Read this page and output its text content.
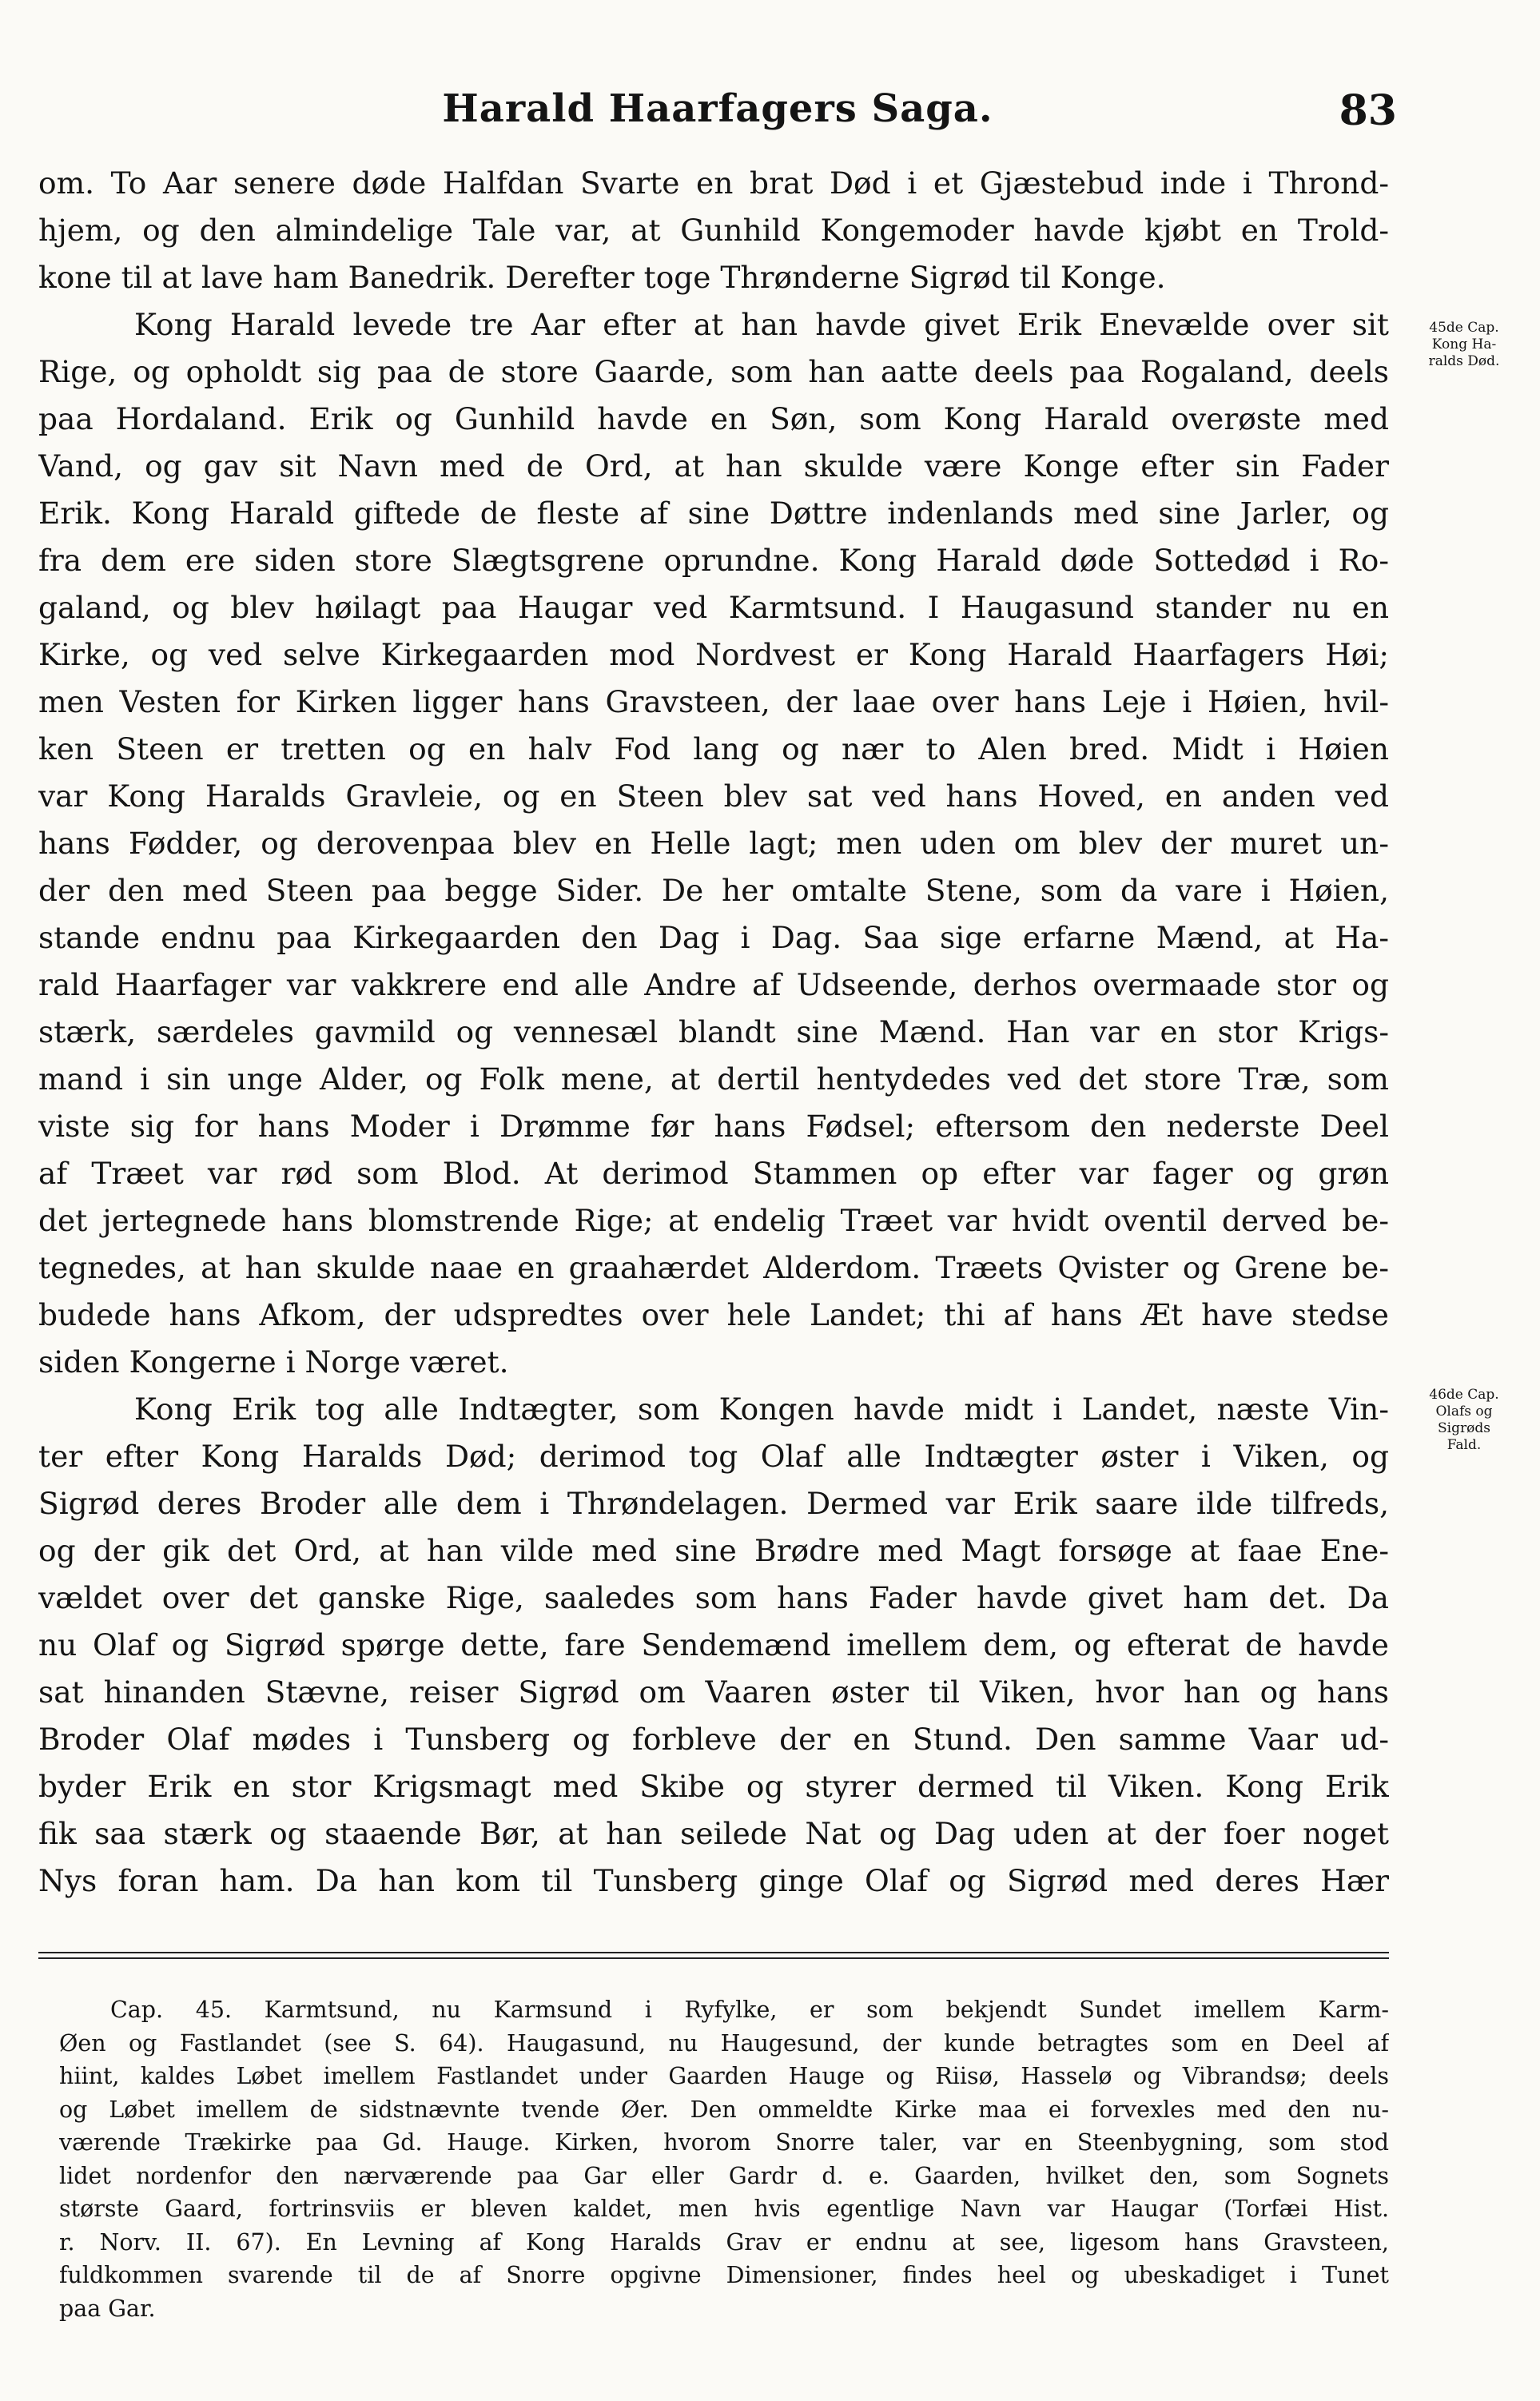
Harald Haarfagers Saga.	83
om. To Aar senere døde Halfdan Svarte en brat Død i et Gjæstebud inde i Thrond-
hjem, og den almindelige Tale var, at Gunhild Kongemoder havde kjøbt en Trold-
kone til at lave ham Banedrik. Derefter toge Thrønderne Sigrød til Konge.
Kong Harald levede tre Aar efter at han havde givet Erik Enevælde over sit
Rige, og opholdt sig paa de store Gaarde, som han aatte deels paa Rogaland, deels
paa Hordaland. Erik og Gunhild havde en Søn, som Kong Harald overøste med
Vand, og gav sit Navn med de Ord, at han skulde være Konge efter sin Fader
Erik. Kong Harald giftede de fleste af sine Døttre indenlands med sine Jarler, og
fra dem ere siden store Slægtsgrene oprundne. Kong Harald døde Sottedød i Ro-
galand, og blev høilagt paa Haugar ved Karmtsund. I Haugasund stander nu en
Kirke, og ved selve Kirkegaarden mod Nordvest er Kong Harald Haarfagers Høi;
men Vesten for Kirken ligger hans Gravsteen, der laae over hans Leje i Høien, hvil-
ken Steen er tretten og en halv Fod lang og nær to Alen bred. Midt i Høien
var Kong Haralds Gravleie, og en Steen blev sat ved hans Hoved, en anden ved
hans Fødder, og derovenpaa blev en Helle lagt; men uden om blev der muret un-
der den med Steen paa begge Sider. De her omtalte Stene, som da vare i Høien,
stande endnu paa Kirkegaarden den Dag i Dag. Saa sige erfarne Mænd, at Ha-
rald Haarfager var vakkrere end alle Andre af Udseende, derhos overmaade stor og
stærk, særdeles gavmild og vennesæl blandt sine Mænd. Han var en stor Krigs-
mand i sin unge Alder, og Folk mene, at dertil hentydedes ved det store Træ, som
viste sig for hans Moder i Drømme før hans Fødsel; eftersom den nederste Deel
af Træet var rød som Blod. At derimod Stammen op efter var fager og grøn
det jertegnede hans blomstrende Rige; at endelig Træet var hvidt oventil derved be-
tegnedes, at han skulde naae en graahærdet Alderdom. Træets Qvister og Grene be-
budede hans Afkom, der udspredtes over hele Landet; thi af hans Æt have stedse
siden Kongerne i Norge været.
Kong Erik tog alle Indtægter, som Kongen havde midt i Landet, næste Vin-
ter efter Kong Haralds Død; derimod tog Olaf alle Indtægter øster i Viken, og
Sigrød deres Broder alle dem i Thrøndelagen. Dermed var Erik saare ilde tilfreds,
og der gik det Ord, at han vilde med sine Brødre med Magt forsøge at faae Ene-
vældet over det ganske Rige, saaledes som hans Fader havde givet ham det. Da
nu Olaf og Sigrød spørge dette, fare Sendemænd imellem dem, og efterat de havde
sat hinanden Stævne, reiser Sigrød om Vaaren øster til Viken, hvor han og hans
Broder Olaf mødes i Tunsberg og forbleve der en Stund. Den samme Vaar ud-
byder Erik en stor Krigsmagt med Skibe og styrer dermed til Viken. Kong Erik
fik saa stærk og staaende Bør, at han seilede Nat og Dag uden at der foer noget
Nys foran ham. Da han kom til Tunsberg ginge Olaf og Sigrød med deres Hær
45de Cap.
Kong Ha-
ralds Død.
46de Cap.
Olafs og
Sigrøds
Fald.
Cap. 45. Karmtsund, nu Karmsund i Ryfylke, er som bekjendt Sundet imellem Karm-
Øen og Fastlandet (see S. 64). Haugasund, nu Haugesund, der kunde betragtes som en Deel af
hiint, kaldes Løbet imellem Fastlandet under Gaarden Hauge og Riisø, Hasselø og Vibrandsø; deels
og Løbet imellem de sidstnævnte tvende Øer. Den ommeldte Kirke maa ei forvexles med den nu-
værende Trækirke paa Gd. Hauge. Kirken, hvorom Snorre taler, var en Steenbygning, som stod
lidet nordenfor den nærværende paa Gar eller Gardr d. e. Gaarden, hvilket den, som Sognets
største Gaard, fortrinsviis er bleven kaldet, men hvis egentlige Navn var Haugar (Torfæi Hist.
r. Norv. II. 67). En Levning af Kong Haralds Grav er endnu at see, ligesom hans Gravsteen,
fuldkommen svarende til de af Snorre opgivne Dimensioner, findes heel og ubeskadiget i Tunet
paa Gar.
